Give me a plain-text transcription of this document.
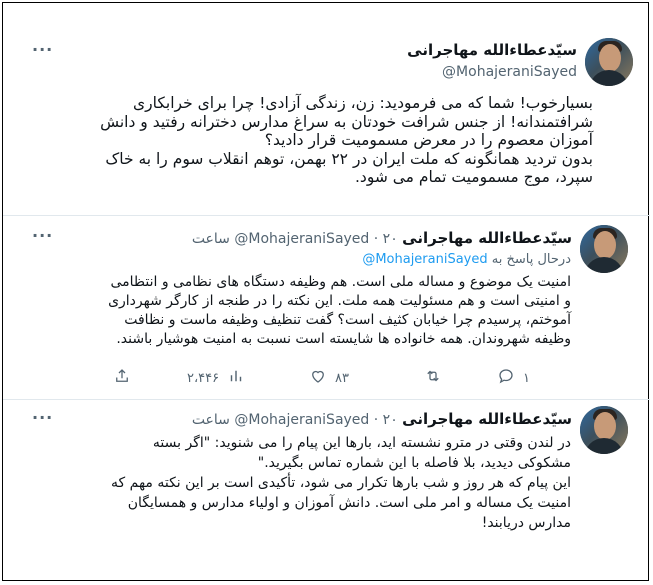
سیّدعطاءالله مهاجرانی
@MohajeraniSayed
···
بسیارخوب! شما که می فرمودید: زن، زندگی آزادی! چرا برای خرابکاری
شرافتمندانه! از جنس شرافت خودتان به سراغ مدارس دخترانه رفتید و دانش
آموزان معصوم را در معرض مسمومیت قرار دادید؟
بدون تردید همانگونه که ملت ایران در ۲۲ بهمن، توهم انقلاب سوم را به خاک
سپرد، موج مسمومیت تمام می شود.
سیّدعطاءالله مهاجرانی @MohajeraniSayed · ۲۰ ساعت
···
درحال پاسخ به @MohajeraniSayed
امنیت یک موضوع و مساله ملی است. هم وظیفه دستگاه های نظامی و انتظامی
و امنیتی است و هم مسئولیت همه ملت. این نکته را در طنجه از کارگر شهرداری
آموختم، پرسیدم چرا خیابان کثیف است؟ گفت تنظیف وظیفه ماست و نظافت
وظیفه شهروندان. همه خانواده ها شایسته است نسبت به امنیت هوشیار باشند.
۱
۸۳
۲،۴۴۶
سیّدعطاءالله مهاجرانی @MohajeraniSayed · ۲۰ ساعت
···
در لندن وقتی در مترو نشسته اید، بارها این پیام را می شنوید: "اگر بسته
مشکوکی دیدید، بلا فاصله با این شماره تماس بگیرید."
این پیام که هر روز و شب بارها تکرار می شود، تأکیدی است بر این نکته مهم که
امنیت یک مساله و امر ملی است. دانش آموزان و اولیاء مدارس و همسایگان
مدارس دریابند!
